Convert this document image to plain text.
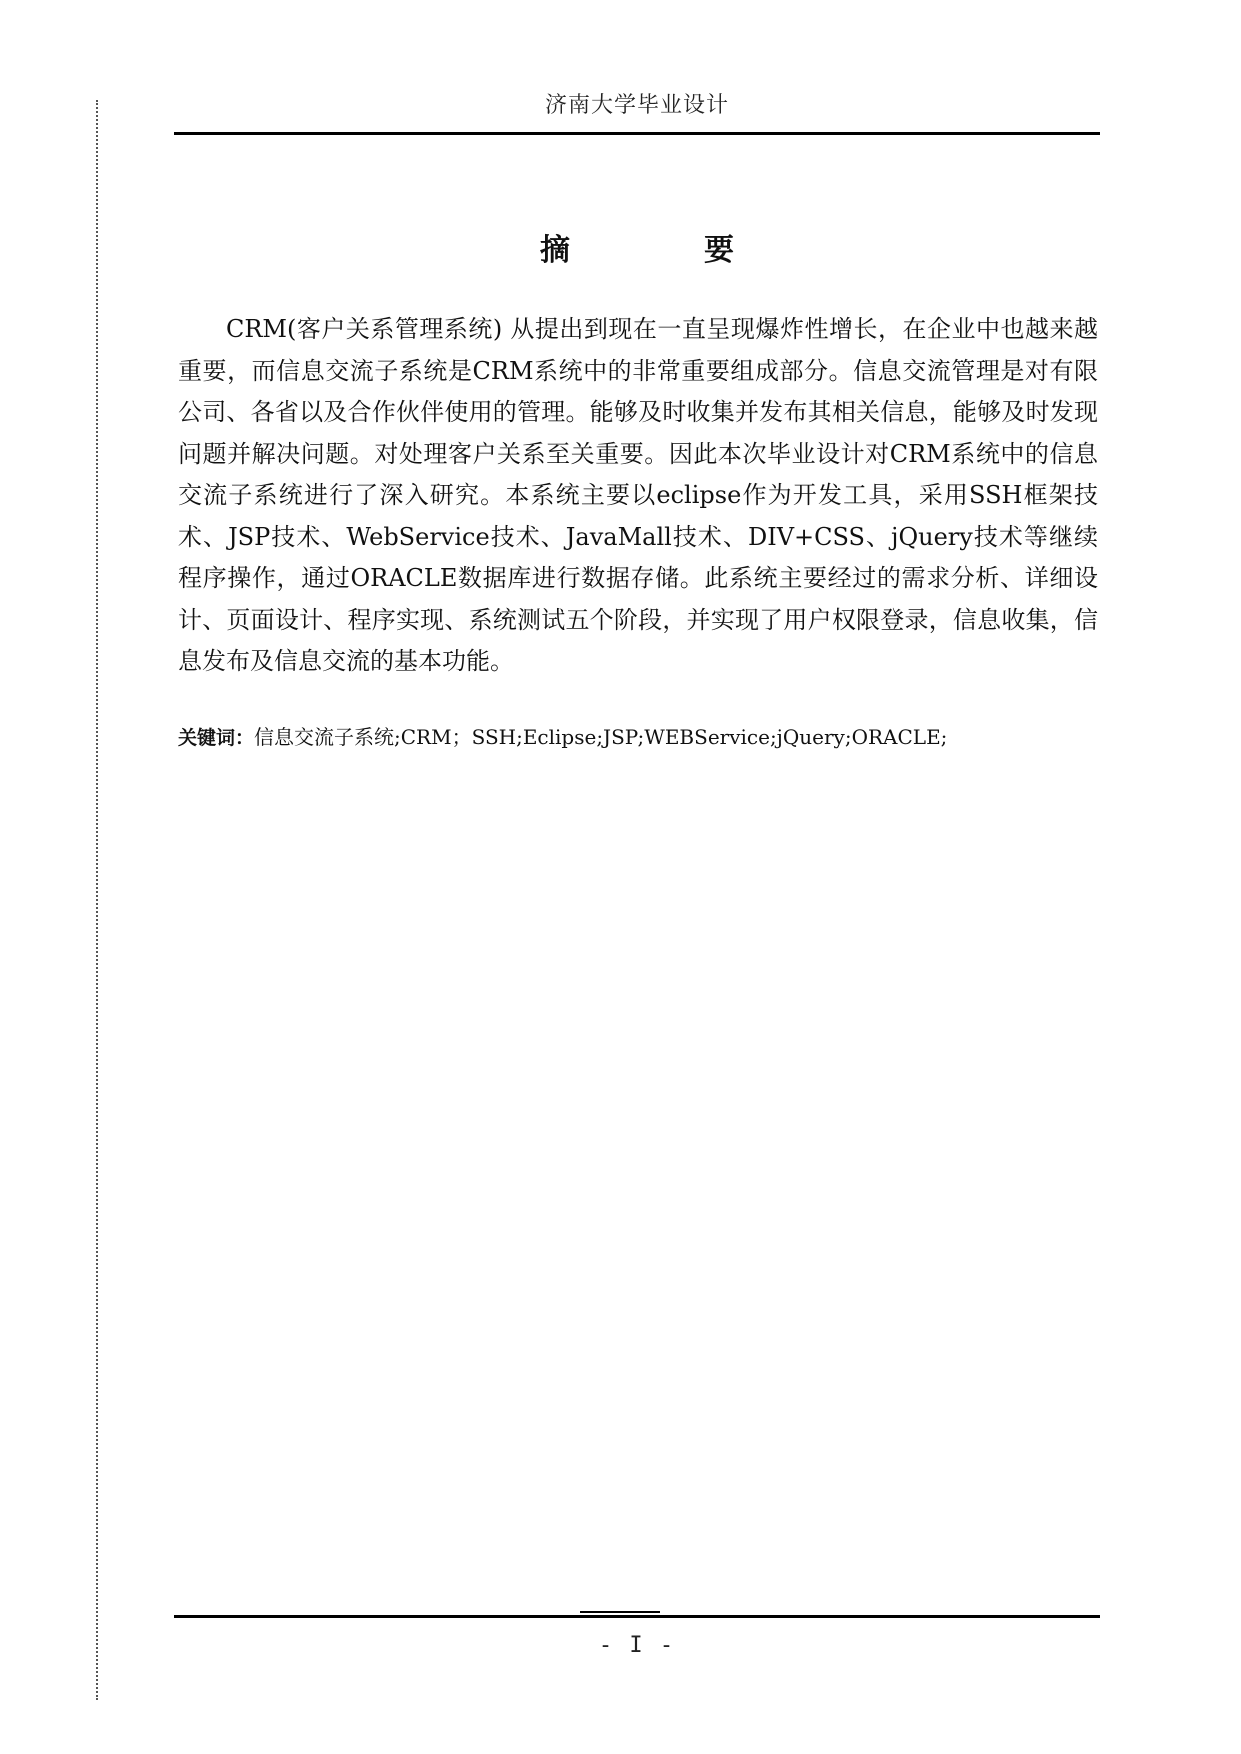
济南大学毕业设计
摘　要

CRM(客户关系管理系统) 从提出到现在一直呈现爆炸性增长，在企业中也越来越重要，而信息交流子系统是CRM系统中的非常重要组成部分。信息交流管理是对有限公司、各省以及合作伙伴使用的管理。能够及时收集并发布其相关信息，能够及时发现问题并解决问题。对处理客户关系至关重要。因此本次毕业设计对CRM系统中的信息交流子系统进行了深入研究。本系统主要以eclipse作为开发工具，采用SSH框架技术、JSP技术、WebService技术、JavaMall技术、DIV+CSS、jQuery技术等继续程序操作，通过ORACLE数据库进行数据存储。此系统主要经过的需求分析、详细设计、页面设计、程序实现、系统测试五个阶段，并实现了用户权限登录，信息收集，信息发布及信息交流的基本功能。

关键词：信息交流子系统;CRM；SSH;Eclipse;JSP;WEBService;jQuery;ORACLE;
- I -
